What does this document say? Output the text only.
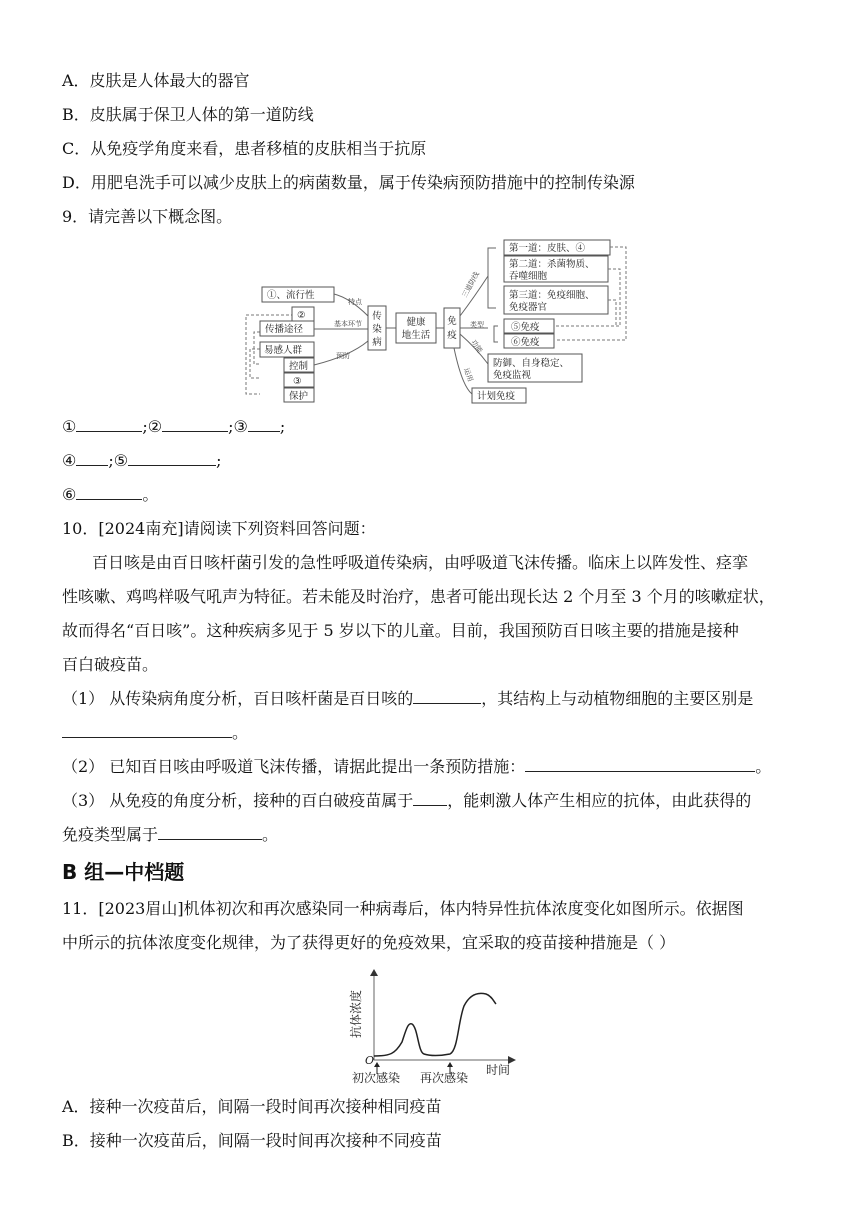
A．皮肤是人体最大的器官
B．皮肤属于保卫人体的第一道防线
C．从免疫学角度来看，患者移植的皮肤相当于抗原
D．用肥皂洗手可以减少皮肤上的病菌数量，属于传染病预防措施中的控制传染源
9．请完善以下概念图。
①、流行性
②
传播途径
易感人群
控制
③
保护
特点
基本环节
预防
传
染
病
健康
地生活
免
疫
三道防线
类型
功能
运用
第一道：皮肤、④
第二道：杀菌物质、
吞噬细胞
第三道：免疫细胞、
免疫器官
⑤免疫
⑥免疫
防御、自身稳定、
免疫监视
计划免疫
①	;②	;③ ;
④ ;⑤	;
⑥	。
10．[2024南充]请阅读下列资料回答问题：
百日咳是由百日咳杆菌引发的急性呼吸道传染病，由呼吸道飞沫传播。临床上以阵发性、痉挛
性咳嗽、鸡鸣样吸气吼声为特征。若未能及时治疗，患者可能出现长达 2 个月至 3 个月的咳嗽症状，
故而得名“百日咳”。这种疾病多见于 5 岁以下的儿童。目前，我国预防百日咳主要的措施是接种
百白破疫苗。
（1） 从传染病角度分析，百日咳杆菌是百日咳的	，其结构上与动植物细胞的主要区别是
。
（2） 已知百日咳由呼吸道飞沫传播，请据此提出一条预防措施：	。
（3） 从免疫的角度分析，接种的百白破疫苗属于 ，能刺激人体产生相应的抗体，由此获得的
免疫类型属于	。
B 组—中档题
11．[2023眉山]机体初次和再次感染同一种病毒后，体内特异性抗体浓度变化如图所示。依据图
中所示的抗体浓度变化规律，为了获得更好的免疫效果，宜采取的疫苗接种措施是（ ）
抗体浓度
O
初次感染 再次感染
时间
A．接种一次疫苗后，间隔一段时间再次接种相同疫苗
B．接种一次疫苗后，间隔一段时间再次接种不同疫苗
